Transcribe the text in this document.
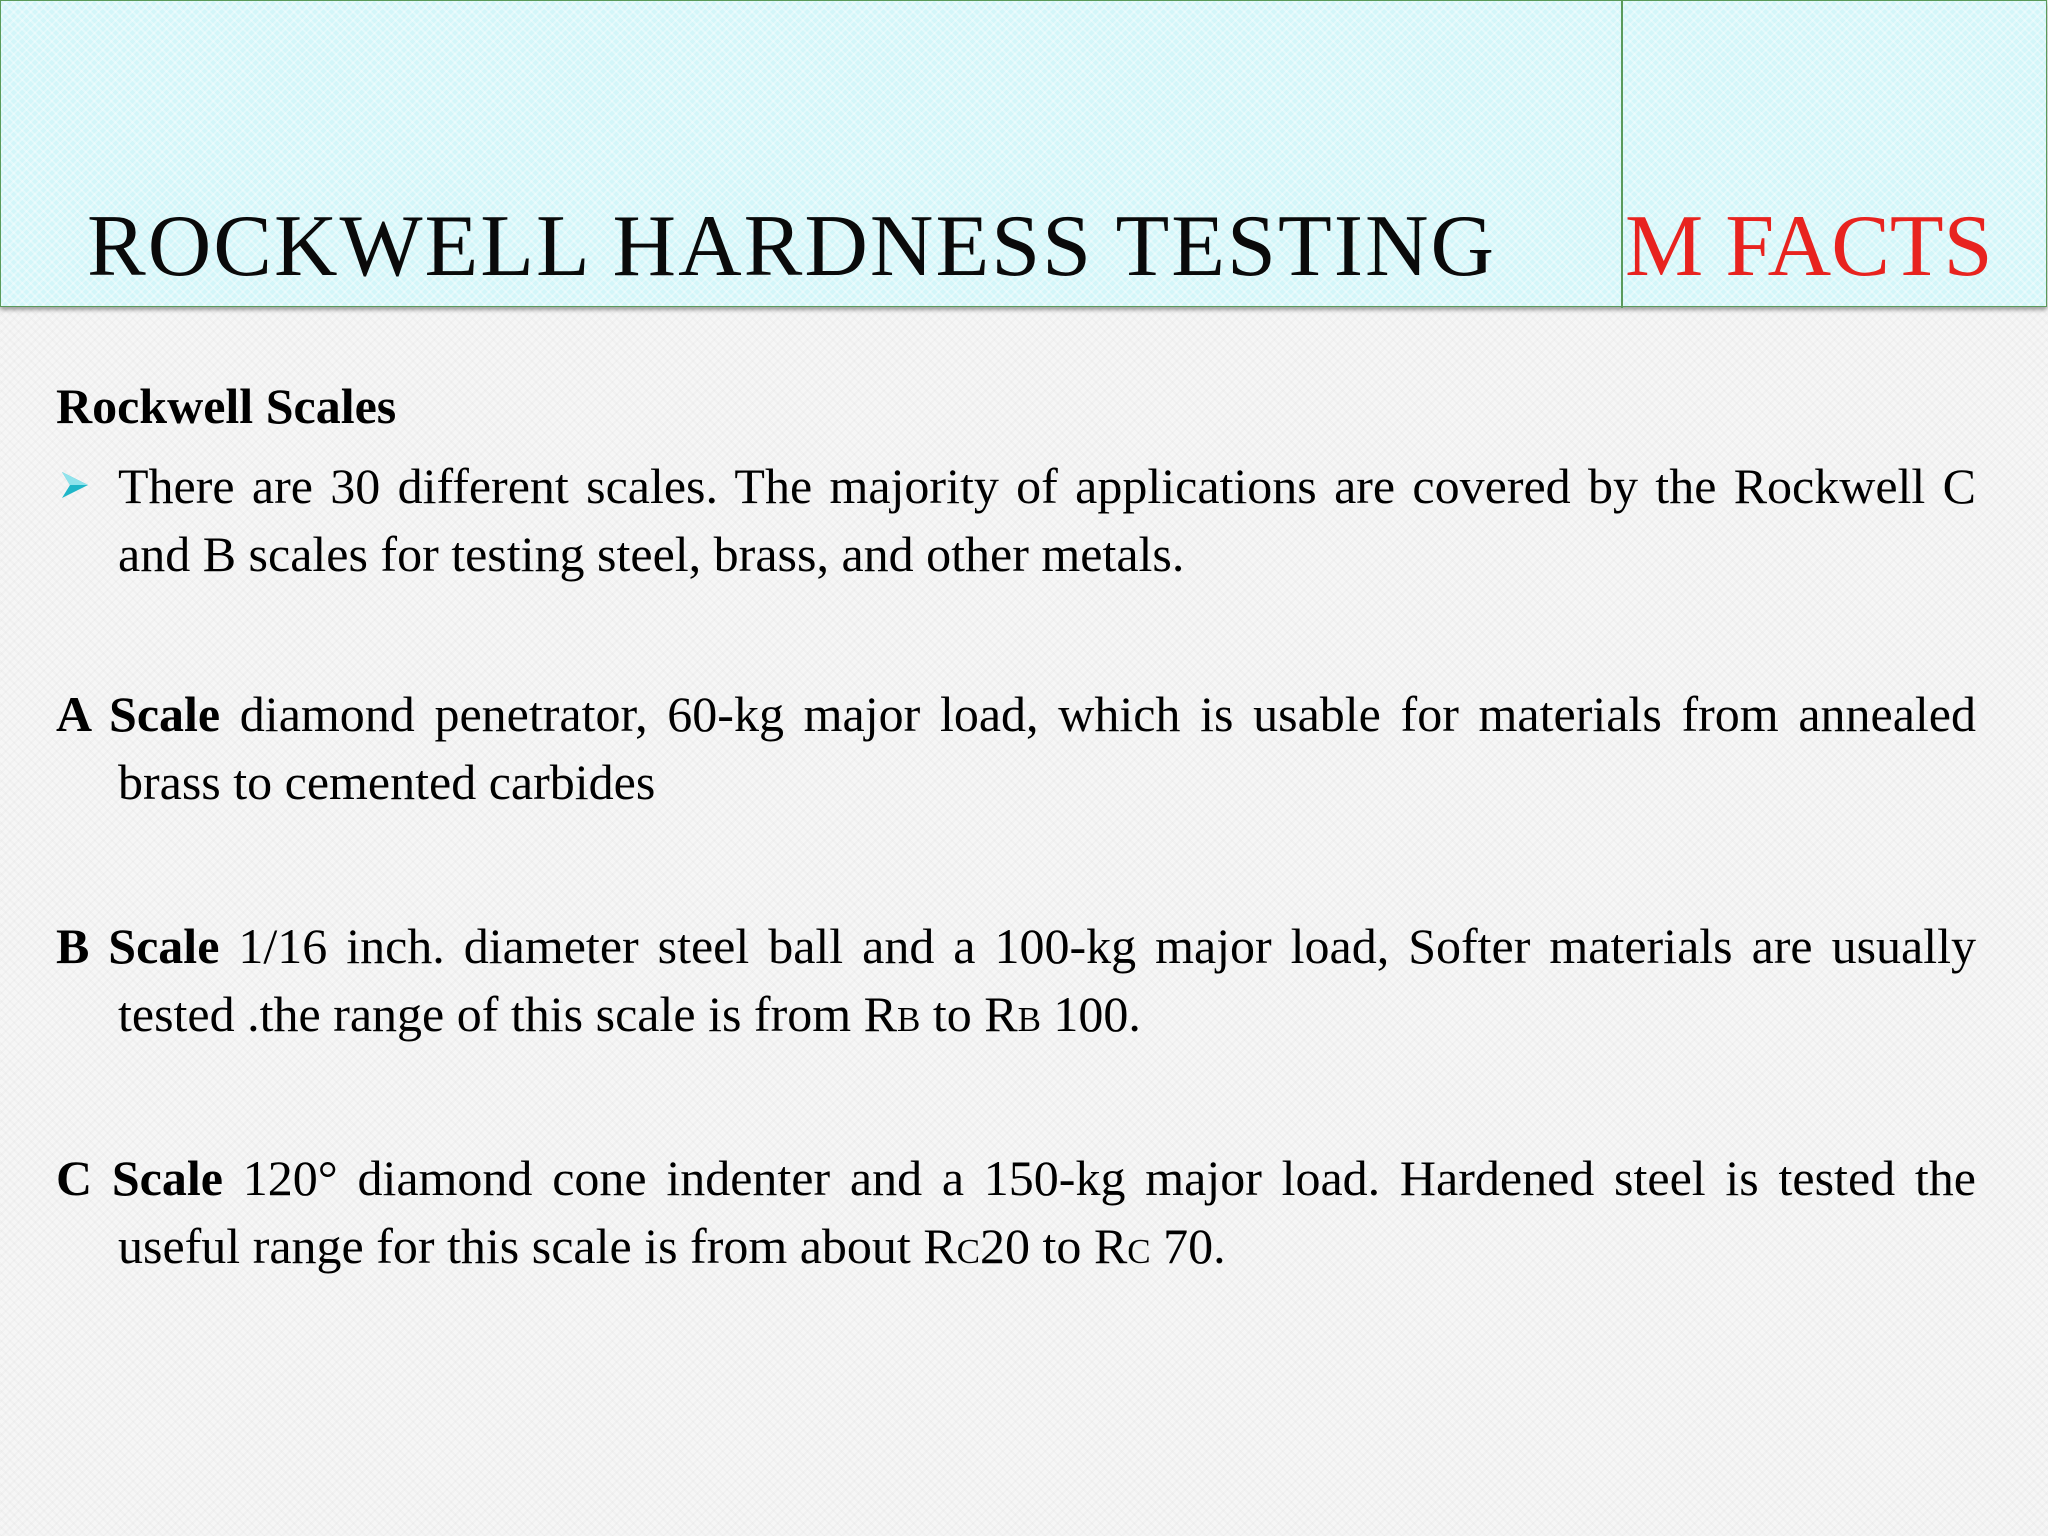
ROCKWELL HARDNESS TESTING M FACTS

Rockwell Scales

There are 30 different scales. The majority of applications are covered by the Rockwell C and B scales for testing steel, brass, and other metals.

A Scale diamond penetrator, 60-kg major load, which is usable for materials from annealed brass to cemented carbides

B Scale 1/16 inch. diameter steel ball and a 100-kg major load, Softer materials are usually tested .the range of this scale is from Rb to Rb 100.

C Scale 120° diamond cone indenter and a 150-kg major load. Hardened steel is tested the useful range for this scale is from about Rc20 to Rc 70.
